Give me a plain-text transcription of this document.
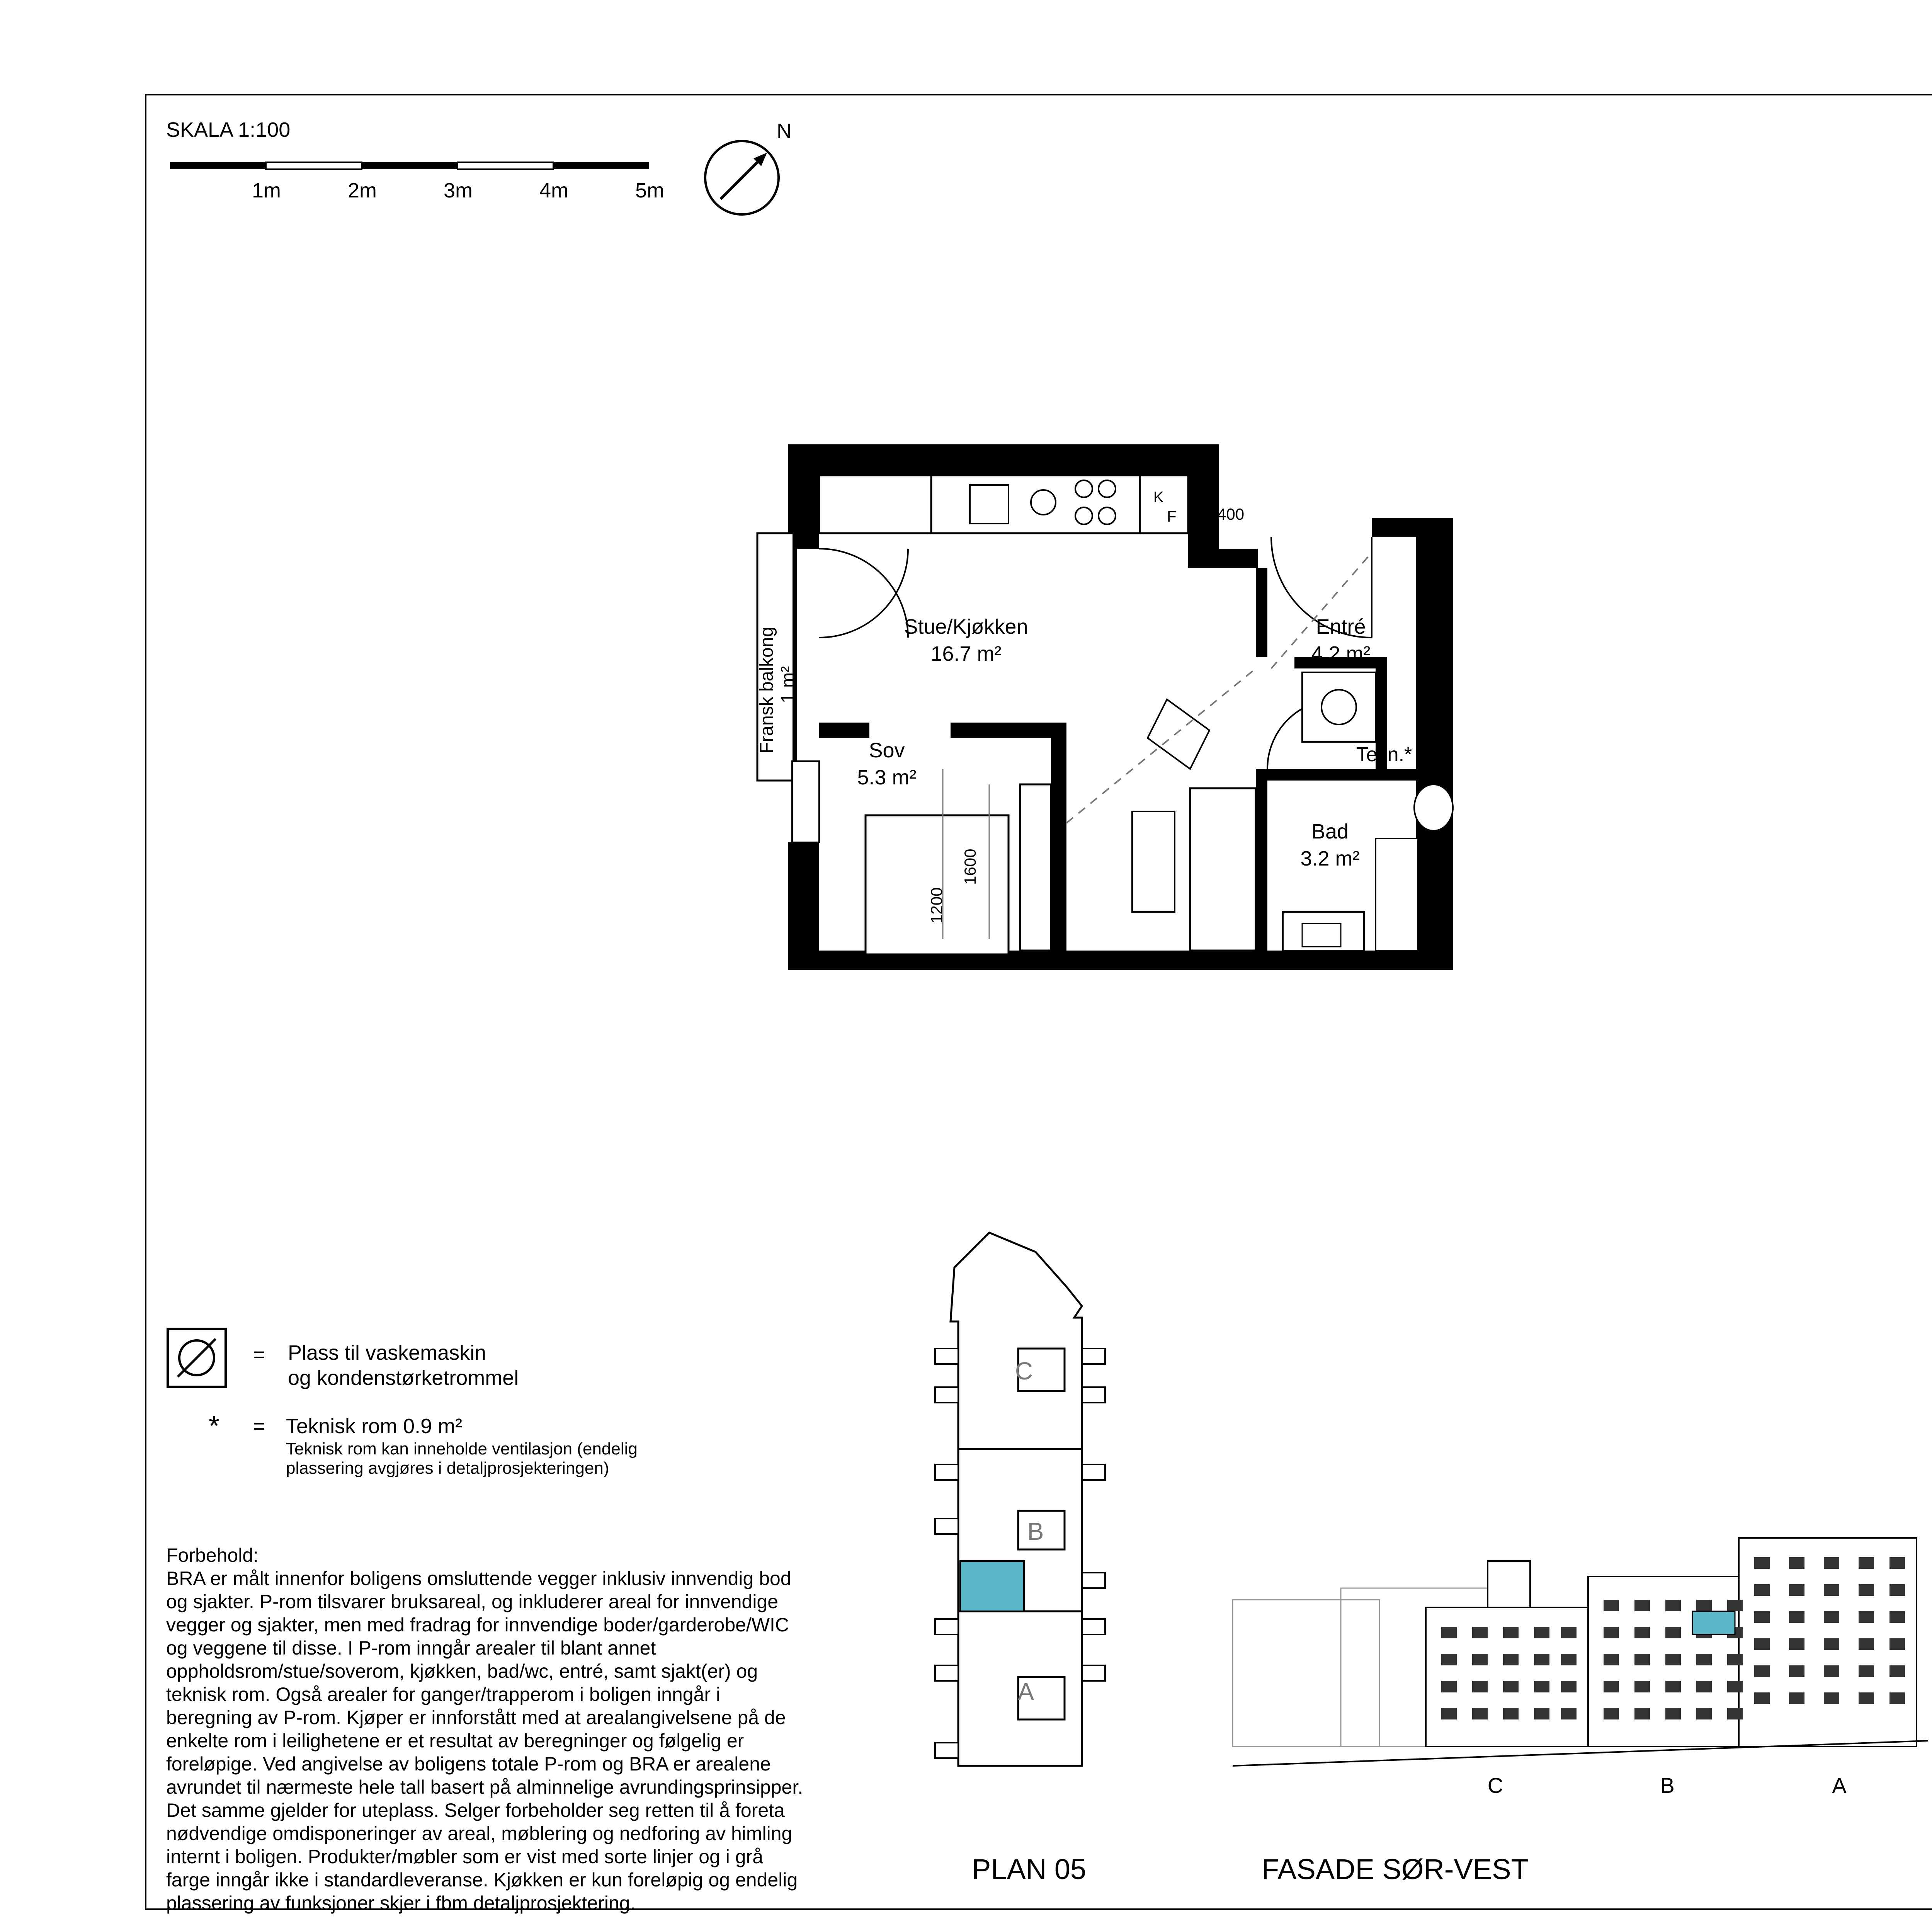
SKALA 1:100
1m	2m	3m	4m	5m
N
K
F
Fransk balkong 1 m²
1200
1600
Tekn.*
400
Stue/Kjøkken
16.7 m²
Entré
4.2 m²
Sov
5.3 m²
Bad
3.2 m²
= Plass til vaskemaskin
og kondenstørketrommel
* = Teknisk rom 0.9 m²
Teknisk rom kan inneholde ventilasjon (endelig
plassering avgjøres i detaljprosjekteringen)
Forbehold:
BRA er målt innenfor boligens omsluttende vegger inklusiv innvendig bod
og sjakter. P-rom tilsvarer bruksareal, og inkluderer areal for innvendige
vegger og sjakter, men med fradrag for innvendige boder/garderobe/WIC
og veggene til disse. I P-rom inngår arealer til blant annet
oppholdsrom/stue/soverom, kjøkken, bad/wc, entré, samt sjakt(er) og
teknisk rom. Også arealer for ganger/trapperom i boligen inngår i
beregning av P-rom. Kjøper er innforstått med at arealangivelsene på de
enkelte rom i leilighetene er et resultat av beregninger og følgelig er
foreløpige. Ved angivelse av boligens totale P-rom og BRA er arealene
avrundet til nærmeste hele tall basert på alminnelige avrundingsprinsipper.
Det samme gjelder for uteplass. Selger forbeholder seg retten til å foreta
nødvendige omdisponeringer av areal, møblering og nedforing av himling
internt i boligen. Produkter/møbler som er vist med sorte linjer og i grå
farge inngår ikke i standardleveranse. Kjøkken er kun foreløpig og endelig
plassering av funksjoner skjer i fbm detaljprosjektering.
C
B
A
PLAN 05
C	B	A
FASADE SØR-VEST
